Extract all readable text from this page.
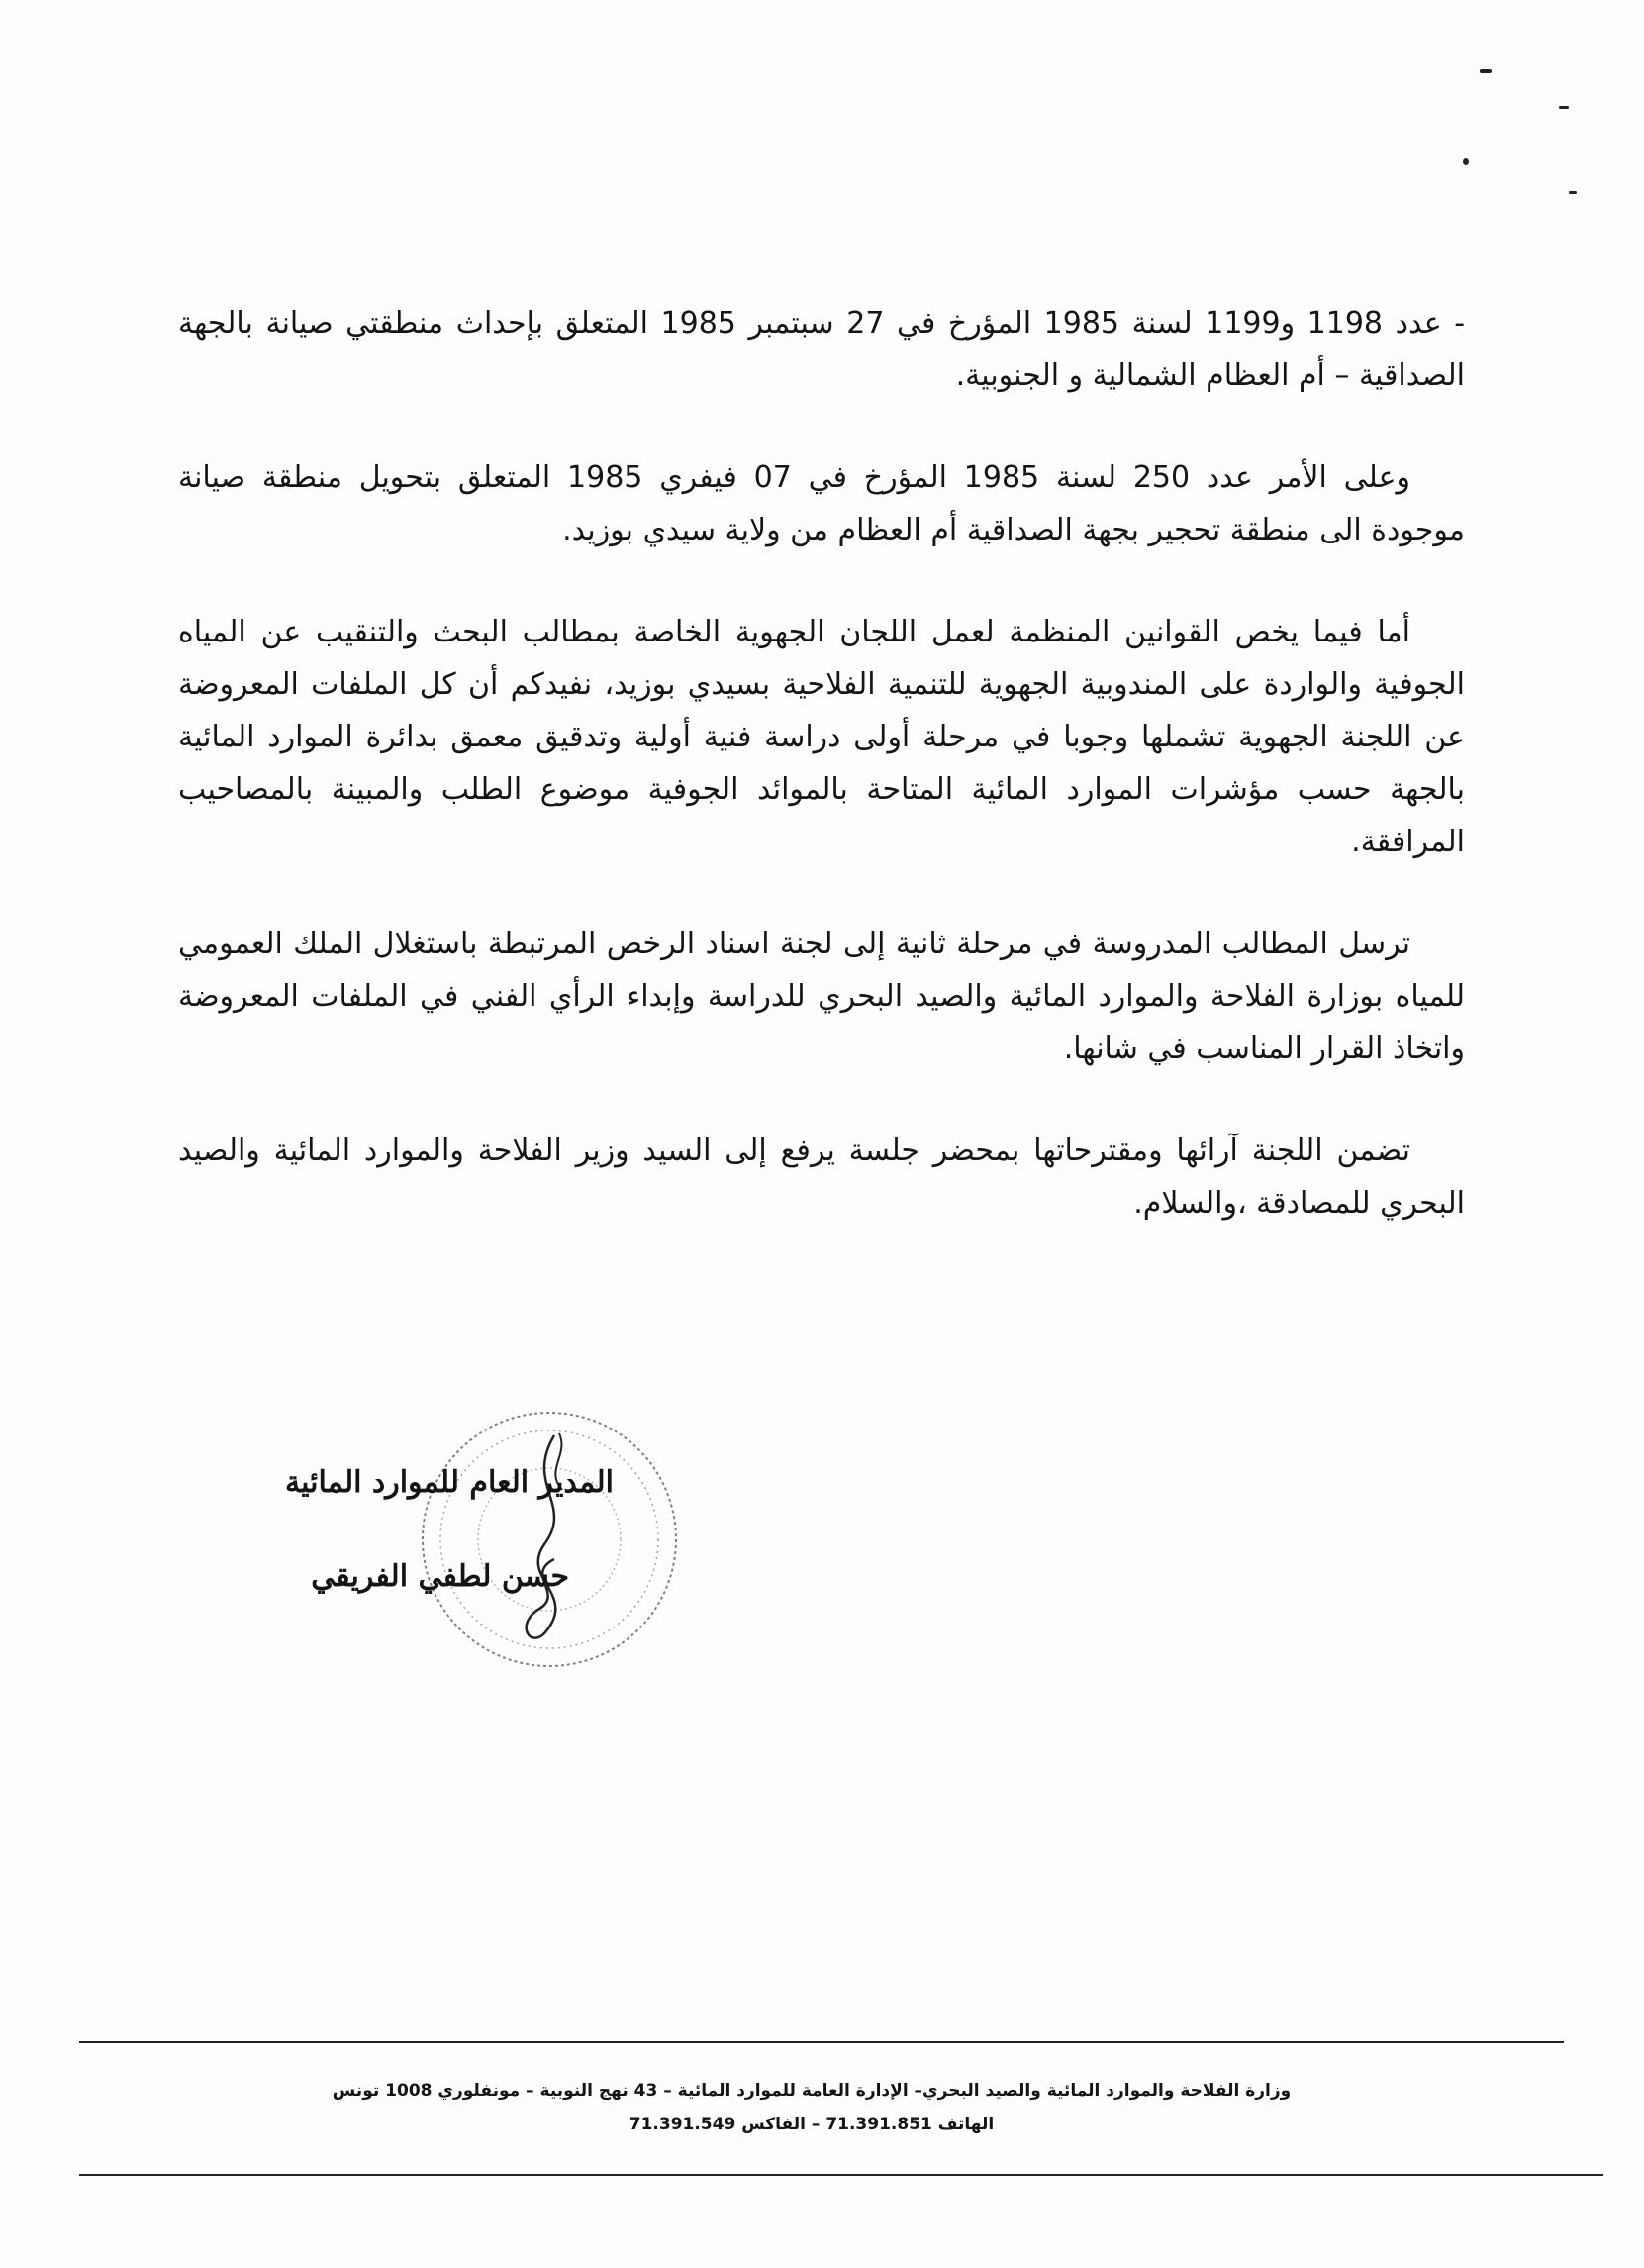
- عدد 1198 و1199 لسنة 1985 المؤرخ في 27 سبتمبر 1985 المتعلق بإحداث منطقتي صيانة بالجهة الصداقية – أم العظام الشمالية و الجنوبية.

وعلى الأمر عدد 250 لسنة 1985 المؤرخ في 07 فيفري 1985 المتعلق بتحويل منطقة صيانة موجودة الى منطقة تحجير بجهة الصداقية أم العظام من ولاية سيدي بوزيد.

أما فيما يخص القوانين المنظمة لعمل اللجان الجهوية الخاصة بمطالب البحث والتنقيب عن المياه الجوفية والواردة على المندوبية الجهوية للتنمية الفلاحية بسيدي بوزيد، نفيدكم أن كل الملفات المعروضة عن اللجنة الجهوية تشملها وجوبا في مرحلة أولى دراسة فنية أولية وتدقيق معمق بدائرة الموارد المائية بالجهة حسب مؤشرات الموارد المائية المتاحة بالموائد الجوفية موضوع الطلب والمبينة بالمصاحيب المرافقة.

ترسل المطالب المدروسة في مرحلة ثانية إلى لجنة اسناد الرخص المرتبطة باستغلال الملك العمومي للمياه بوزارة الفلاحة والموارد المائية والصيد البحري للدراسة وإبداء الرأي الفني في الملفات المعروضة واتخاذ القرار المناسب في شانها.

تضمن اللجنة آرائها ومقترحاتها بمحضر جلسة يرفع إلى السيد وزير الفلاحة والموارد المائية والصيد البحري للمصادقة ،والسلام.

المدير العام للموارد المائية
حسن لطفي الفريقي
وزارة الفلاحة والموارد المائية والصيد البحري– الإدارة العامة للموارد المائية – 43 نهج النوبية – مونفلوري 1008 تونس
الهاتف 71.391.851 – الفاكس 71.391.549
